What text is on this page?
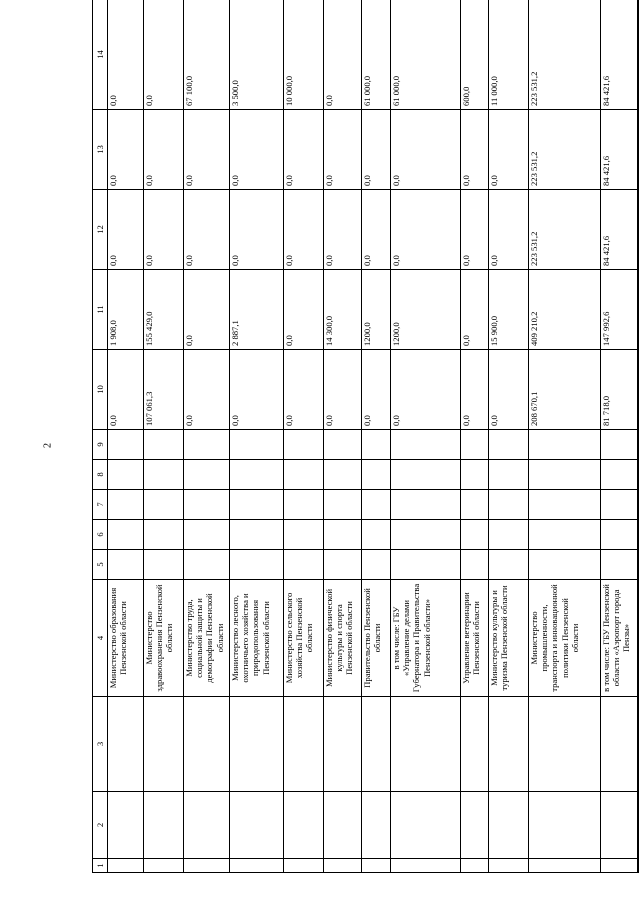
2
1	2	3	4	5	6	7	8	9	10	11	12	13	14
			Министерство образования Пензенской области						0,0	1 908,0	0,0	0,0	0,0
			Министерство здравоохранения Пензенской области						107 061,3	155 429,0	0,0	0,0	0,0
			Министерство труда, социальной защиты и демографии Пензенской области						0,0	0,0	0,0	0,0	67 100,0
			Министерство лесного, охотничьего хозяйства и природопользования Пензенской области						0,0	2 887,1	0,0	0,0	3 500,0
			Министерство сельского хозяйства Пензенской области						0,0	0,0	0,0	0,0	10 000,0
			Министерство физической культуры и спорта Пензенской области						0,0	14 300,0	0,0	0,0	0,0
			Правительство Пензенской области						0,0	1200,0	0,0	0,0	61 000,0
			в том числе: ГБУ «Управление делами Губернатора и Правительства Пензенской области»						0,0	1200,0	0,0	0,0	61 000,0
			Управление ветеринарии Пензенской области						0,0	0,0	0,0	0,0	600,0
			Министерство культуры и туризма Пензенской области						0,0	15 900,0	0,0	0,0	11 000,0
			Министерство промышленности, транспорта и инновационной политики Пензенской области						208 670,1	409 210,2	223 531,2	223 531,2	223 531,2
			в том числе: ГБУ Пензенской области «Аэропорт города Пензы»						81 718,0	147 992,6	84 421,6	84 421,6	84 421,6
